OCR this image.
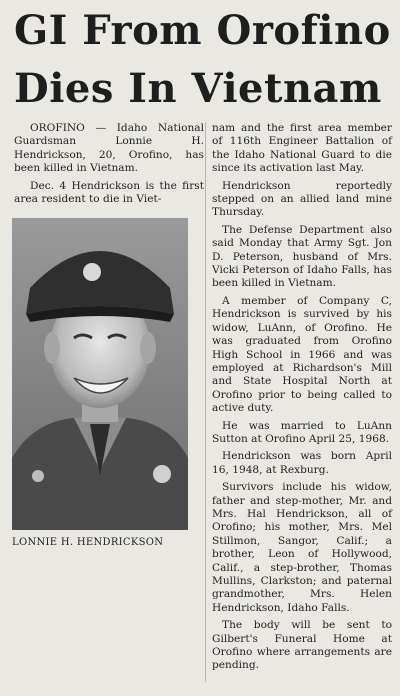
GI From Orofino
Dies In Vietnam

OROFINO — Idaho National Guardsman Lonnie H. Hendrickson, 20, Orofino, has been killed in Vietnam.

Dec. 4 Hendrickson is the first area resident to die in Viet-

LONNIE H. HENDRICKSON

nam and the first area member of 116th Engineer Battalion of the Idaho National Guard to die since its activation last May.

Hendrickson reportedly stepped on an allied land mine Thursday.

The Defense Department also said Monday that Army Sgt. Jon D. Peterson, husband of Mrs. Vicki Peterson of Idaho Falls, has been killed in Vietnam.

A member of Company C, Hendrickson is survived by his widow, LuAnn, of Orofino. He was graduated from Orofino High School in 1966 and was employed at Richardson's Mill and State Hospital North at Orofino prior to being called to active duty.

He was married to LuAnn Sutton at Orofino April 25, 1968.

Hendrickson was born April 16, 1948, at Rexburg.

Survivors include his widow, father and step-mother, Mr. and Mrs. Hal Hendrickson, all of Orofino; his mother, Mrs. Mel Stillmon, Sangor, Calif.; a brother, Leon of Hollywood, Calif., a step-brother, Thomas Mullins, Clarkston; and paternal grandmother, Mrs. Helen Hendrickson, Idaho Falls.

The body will be sent to Gilbert's Funeral Home at Orofino where arrangements are pending.
